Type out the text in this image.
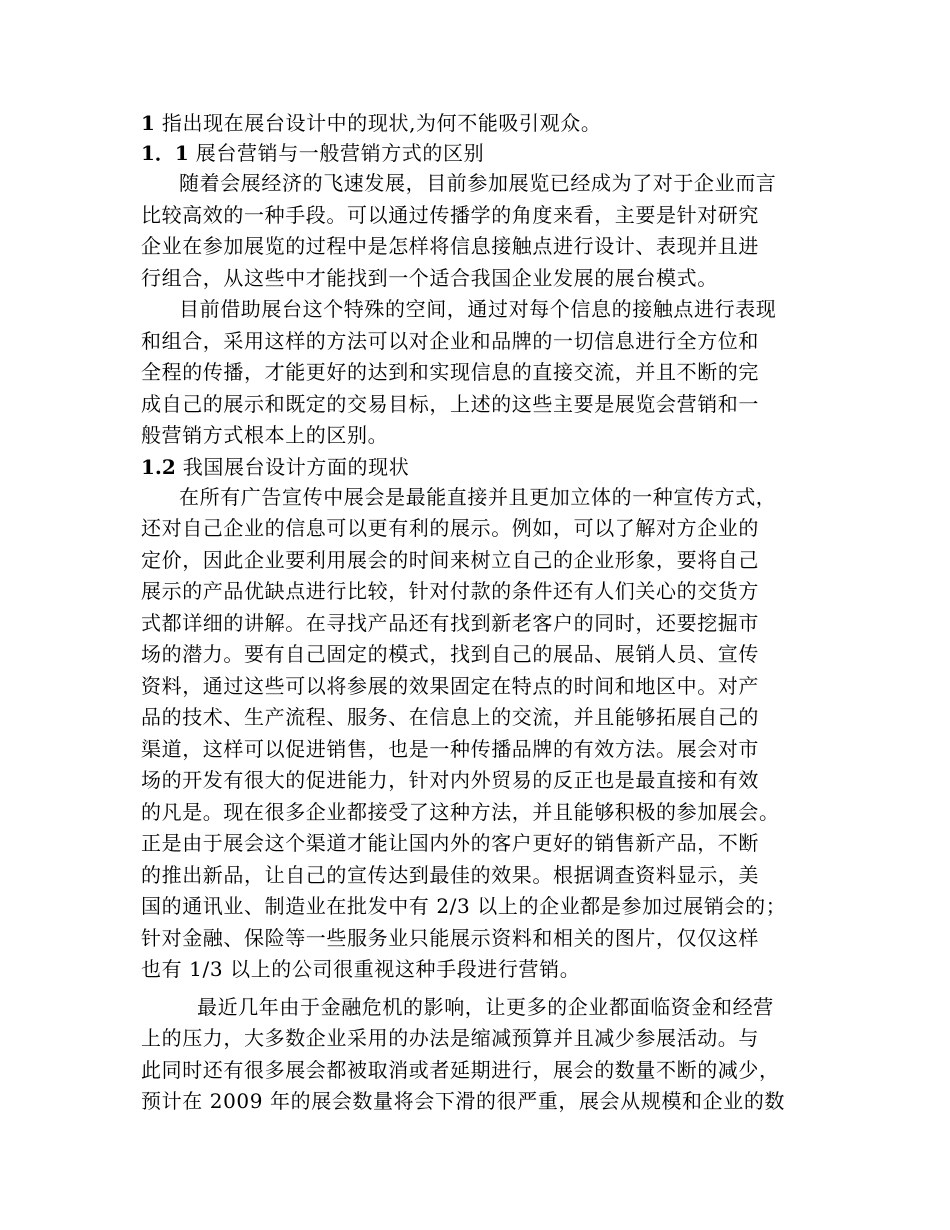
1 指出现在展台设计中的现状,为何不能吸引观众。
1．1 展台营销与一般营销方式的区别
随着会展经济的飞速发展，目前参加展览已经成为了对于企业而言
比较高效的一种手段。可以通过传播学的角度来看，主要是针对研究
企业在参加展览的过程中是怎样将信息接触点进行设计、表现并且进
行组合，从这些中才能找到一个适合我国企业发展的展台模式。
目前借助展台这个特殊的空间，通过对每个信息的接触点进行表现
和组合，采用这样的方法可以对企业和品牌的一切信息进行全方位和
全程的传播，才能更好的达到和实现信息的直接交流，并且不断的完
成自己的展示和既定的交易目标，上述的这些主要是展览会营销和一
般营销方式根本上的区别。
1.2 我国展台设计方面的现状
在所有广告宣传中展会是最能直接并且更加立体的一种宣传方式，
还对自己企业的信息可以更有利的展示。例如，可以了解对方企业的
定价，因此企业要利用展会的时间来树立自己的企业形象，要将自己
展示的产品优缺点进行比较，针对付款的条件还有人们关心的交货方
式都详细的讲解。在寻找产品还有找到新老客户的同时，还要挖掘市
场的潜力。要有自己固定的模式，找到自己的展品、展销人员、宣传
资料，通过这些可以将参展的效果固定在特点的时间和地区中。对产
品的技术、生产流程、服务、在信息上的交流，并且能够拓展自己的
渠道，这样可以促进销售，也是一种传播品牌的有效方法。展会对市
场的开发有很大的促进能力，针对内外贸易的反正也是最直接和有效
的凡是。现在很多企业都接受了这种方法，并且能够积极的参加展会。
正是由于展会这个渠道才能让国内外的客户更好的销售新产品，不断
的推出新品，让自己的宣传达到最佳的效果。根据调查资料显示，美
国的通讯业、制造业在批发中有 2/3 以上的企业都是参加过展销会的；
针对金融、保险等一些服务业只能展示资料和相关的图片，仅仅这样
也有 1/3 以上的公司很重视这种手段进行营销。
最近几年由于金融危机的影响，让更多的企业都面临资金和经营
上的压力，大多数企业采用的办法是缩减预算并且减少参展活动。与
此同时还有很多展会都被取消或者延期进行，展会的数量不断的减少，
预计在 2009 年的展会数量将会下滑的很严重，展会从规模和企业的数
